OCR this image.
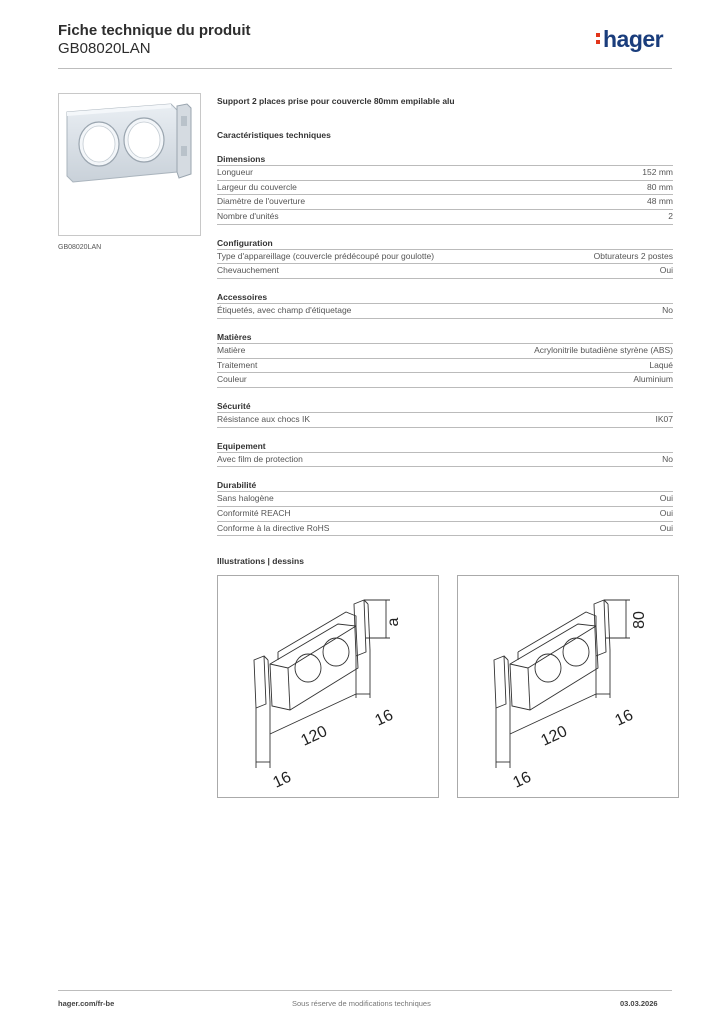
Fiche technique du produit
GB08020LAN	hager
GB08020LAN
Support 2 places prise pour couvercle 80mm empilable alu
Caractéristiques techniques
Dimensions
Longueur	152 mm
Largeur du couvercle	80 mm
Diamètre de l'ouverture	48 mm
Nombre d'unités	2
Configuration
Type d'appareillage (couvercle prédécoupé pour goulotte)	Obturateurs 2 postes
Chevauchement	Oui
Accessoires
Étiquetés, avec champ d'étiquetage	No
Matières
Matière	Acrylonitrile butadiène styrène (ABS)
Traitement	Laqué
Couleur	Aluminium
Sécurité
Résistance aux chocs IK	IK07
Equipement
Avec film de protection	No
Durabilité
Sans halogène	Oui
Conformité REACH	Oui
Conforme à la directive RoHS	Oui
Illustrations | dessins
a
120
16
16
80
120
16
16
hager.com/fr-be	Sous réserve de modifications techniques	03.03.2026
